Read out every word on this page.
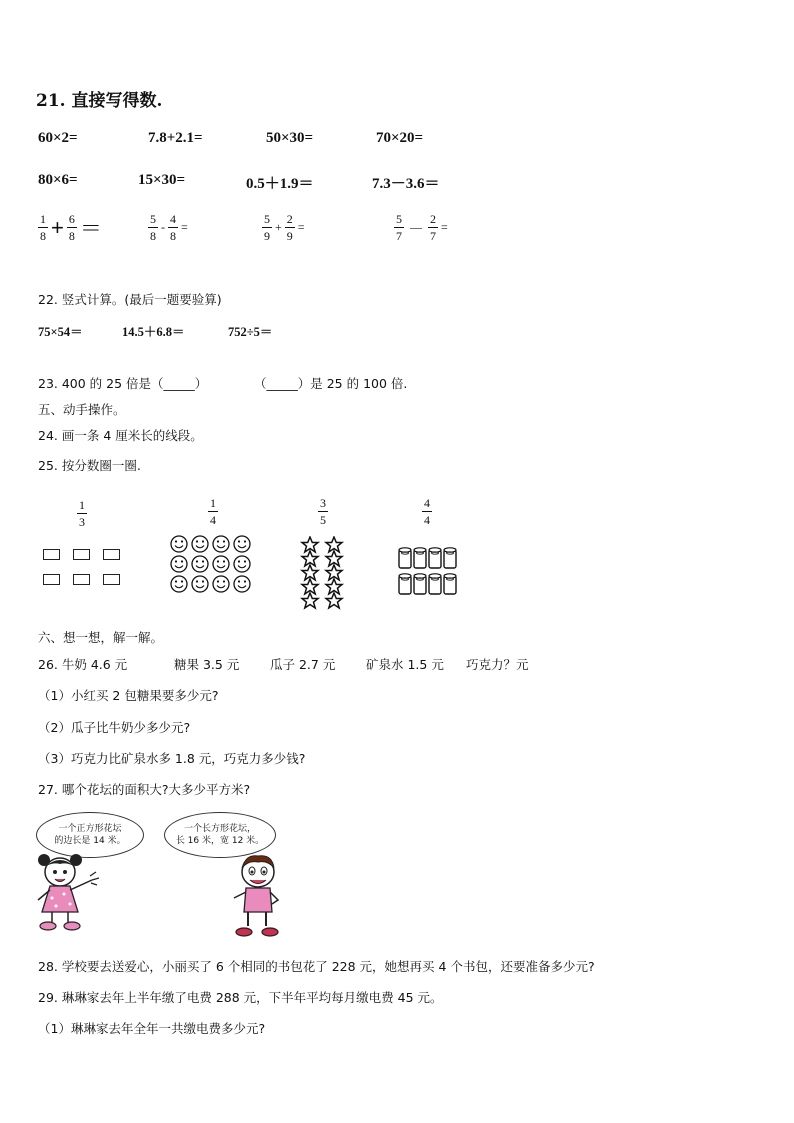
21. 直接写得数.
60×2=	7.8+2.1=	50×30=	70×20=
80×6=	15×30=	0.5＋1.9＝	7.3－3.6＝
$\frac{1}{8} + \frac{6}{8}$ ＝	$\frac{5}{8} - \frac{4}{8}$ =	$\frac{5}{9} + \frac{2}{9}$ =	$\frac{5}{7}$ — $\frac{2}{7}$ =
22. 竖式计算。(最后一题要验算)
75×54＝	14.5＋6.8＝	752÷5＝
23. 400 的 25 倍是（_____）	（_____）是 25 的 100 倍.
五、动手操作。
24. 画一条 4 厘米长的线段。
25. 按分数圈一圈.
$\frac{1}{3}$	$\frac{1}{4}$	$\frac{3}{5}$	$\frac{4}{4}$
六、想一想，解一解。
26. 牛奶 4.6 元	糖果 3.5 元 瓜子 2.7 元 矿泉水 1.5 元 巧克力？元
（1）小红买 2 包糖果要多少元?
（2）瓜子比牛奶少多少元?
（3）巧克力比矿泉水多 1.8 元，巧克力多少钱?
27. 哪个花坛的面积大?大多少平方米?
一个正方形花坛
的边长是 14 米。
一个长方形花坛，
长 16 米，宽 12 米。
28. 学校要去送爱心，小丽买了 6 个相同的书包花了 228 元，她想再买 4 个书包，还要准备多少元?
29. 琳琳家去年上半年缴了电费 288 元，下半年平均每月缴电费 45 元。
（1）琳琳家去年全年一共缴电费多少元?
